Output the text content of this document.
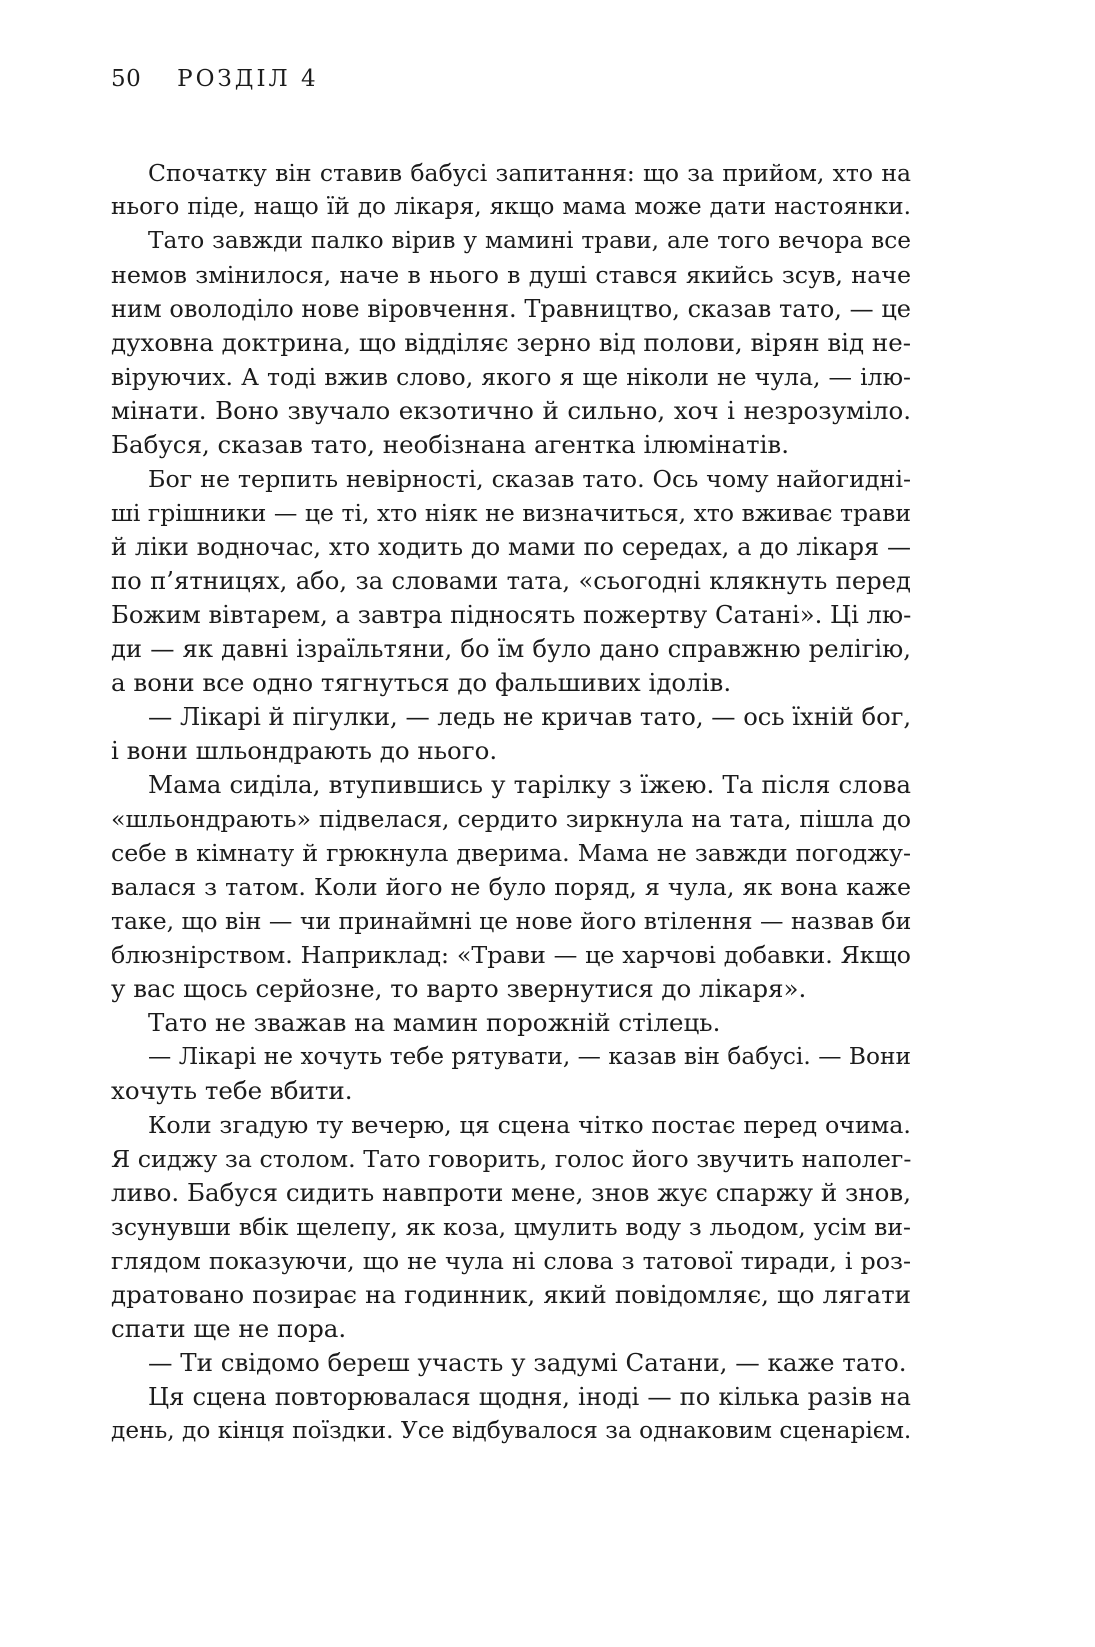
50 РОЗДІЛ 4
Спочатку він ставив бабусі запитання: що за прийом, хто на
нього піде, нащо їй до лікаря, якщо мама може дати настоянки.
Тато завжди палко вірив у мамині трави, але того вечора все
немов змінилося, наче в нього в душі стався якийсь зсув, наче
ним оволоділо нове віровчення. Травництво, сказав тато, — це
духовна доктрина, що відділяє зерно від полови, вірян від не-
віруючих. А тоді вжив слово, якого я ще ніколи не чула, — ілю-
мінати. Воно звучало екзотично й сильно, хоч і незрозуміло.
Бабуся, сказав тато, необізнана агентка ілюмінатів.
Бог не терпить невірності, сказав тато. Ось чому найогидні-
ші грішники — це ті, хто ніяк не визначиться, хто вживає трави
й ліки водночас, хто ходить до мами по середах, а до лікаря —
по п’ятницях, або, за словами тата, «сьогодні клякнуть перед
Божим вівтарем, а завтра підносять пожертву Сатані». Ці лю-
ди — як давні ізраїльтяни, бо їм було дано справжню релігію,
а вони все одно тягнуться до фальшивих ідолів.
— Лікарі й пігулки, — ледь не кричав тато, — ось їхній бог,
і вони шльондрають до нього.
Мама сиділа, втупившись у тарілку з їжею. Та після слова
«шльондрають» підвелася, сердито зиркнула на тата, пішла до
себе в кімнату й грюкнула дверима. Мама не завжди погоджу-
валася з татом. Коли його не було поряд, я чула, як вона каже
таке, що він — чи принаймні це нове його втілення — назвав би
блюзнірством. Наприклад: «Трави — це харчові добавки. Якщо
у вас щось серйозне, то варто звернутися до лікаря».
Тато не зважав на мамин порожній стілець.
— Лікарі не хочуть тебе рятувати, — казав він бабусі. — Вони
хочуть тебе вбити.
Коли згадую ту вечерю, ця сцена чітко постає перед очима.
Я сиджу за столом. Тато говорить, голос його звучить наполег-
ливо. Бабуся сидить навпроти мене, знов жує спаржу й знов,
зсунувши вбік щелепу, як коза, цмулить воду з льодом, усім ви-
глядом показуючи, що не чула ні слова з татової тиради, і роз-
дратовано позирає на годинник, який повідомляє, що лягати
спати ще не пора.
— Ти свідомо береш участь у задумі Сатани, — каже тато.
Ця сцена повторювалася щодня, іноді — по кілька разів на
день, до кінця поїздки. Усе відбувалося за однаковим сценарієм.
